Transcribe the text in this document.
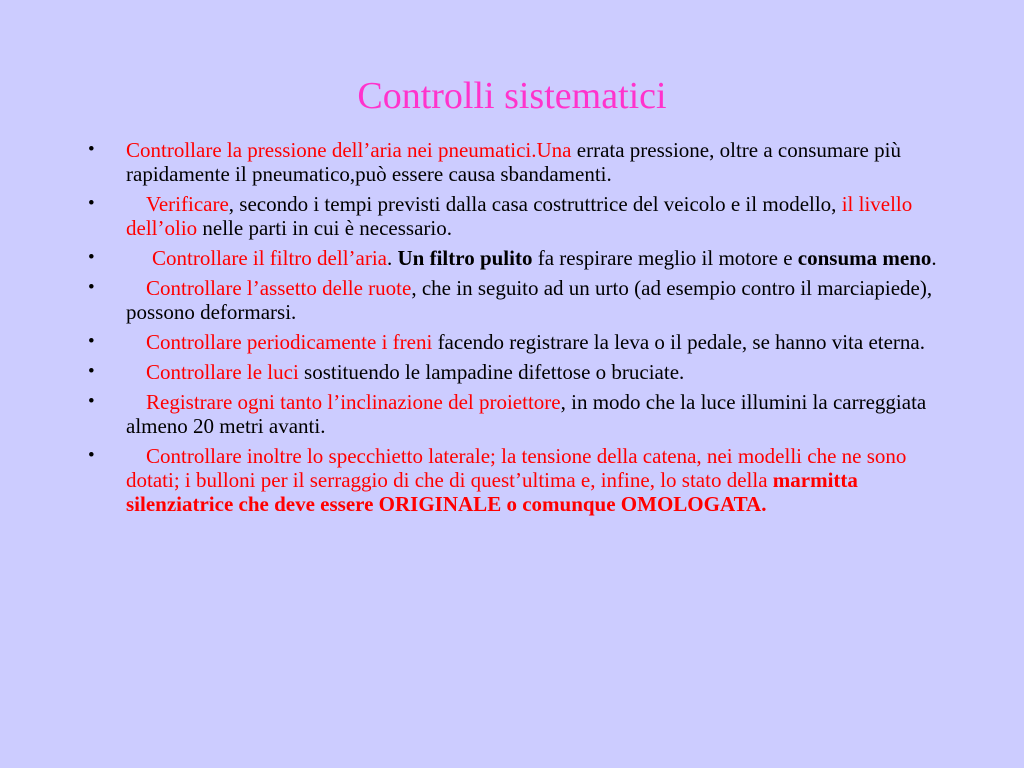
Controlli sistematici
•	Controllare la pressione dell’aria nei pneumatici.Una errata pressione, oltre a consumare più rapidamente il pneumatico,può essere causa sbandamenti.
•	Verificare, secondo i tempi previsti dalla casa costruttrice del veicolo e il modello, il livello dell’olio nelle parti in cui è necessario.
•	Controllare il filtro dell’aria. Un filtro pulito fa respirare meglio il motore e consuma meno.
•	Controllare l’assetto delle ruote, che in seguito ad un urto (ad esempio contro il marciapiede), possono deformarsi.
•	Controllare periodicamente i freni facendo registrare la leva o il pedale, se hanno vita eterna.
•	Controllare le luci sostituendo le lampadine difettose o bruciate.
•	Registrare ogni tanto l’inclinazione del proiettore, in modo che la luce illumini la carreggiata almeno 20 metri avanti.
•	Controllare inoltre lo specchietto laterale; la tensione della catena, nei modelli che ne sono dotati; i bulloni per il serraggio di che di quest’ultima e, infine, lo stato della marmitta silenziatrice che deve essere ORIGINALE o comunque OMOLOGATA.
